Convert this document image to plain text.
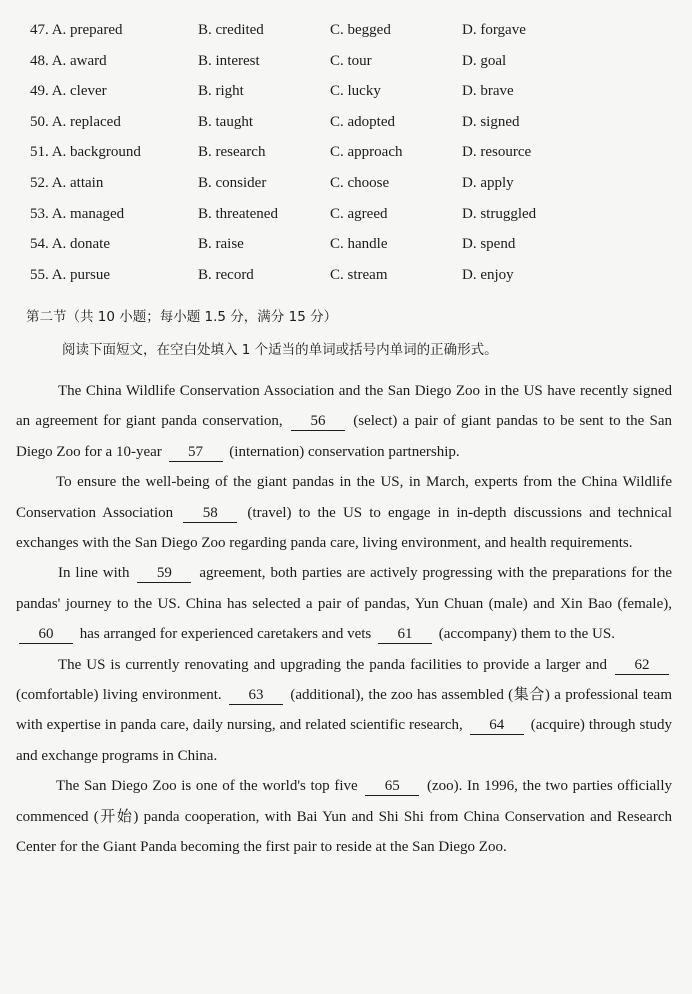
47. A. prepared	B. credited	C. begged	D. forgave
48. A. award	B. interest	C. tour	D. goal
49. A. clever	B. right	C. lucky	D. brave
50. A. replaced	B. taught	C. adopted	D. signed
51. A. background	B. research	C. approach	D. resource
52. A. attain	B. consider	C. choose	D. apply
53. A. managed	B. threatened	C. agreed	D. struggled
54. A. donate	B. raise	C. handle	D. spend
55. A. pursue	B. record	C. stream	D. enjoy
第二节（共 10 小题；每小题 1.5 分，满分 15 分）
阅读下面短文，在空白处填入 1 个适当的单词或括号内单词的正确形式。

The China Wildlife Conservation Association and the San Diego Zoo in the US have recently signed an agreement for giant panda conservation, 56 (select) a pair of giant pandas to be sent to the San Diego Zoo for a 10-year 57 (internation) conservation partnership.

To ensure the well-being of the giant pandas in the US, in March, experts from the China Wildlife Conservation Association 58 (travel) to the US to engage in in-depth discussions and technical exchanges with the San Diego Zoo regarding panda care, living environment, and health requirements.

In line with 59 agreement, both parties are actively progressing with the preparations for the pandas' journey to the US. China has selected a pair of pandas, Yun Chuan (male) and Xin Bao (female), 60 has arranged for experienced caretakers and vets 61 (accompany) them to the US.

The US is currently renovating and upgrading the panda facilities to provide a larger and 62 (comfortable) living environment. 63 (additional), the zoo has assembled (集合) a professional team with expertise in panda care, daily nursing, and related scientific research, 64 (acquire) through study and exchange programs in China.

The San Diego Zoo is one of the world's top five 65 (zoo). In 1996, the two parties officially commenced (开始) panda cooperation, with Bai Yun and Shi Shi from China Conservation and Research Center for the Giant Panda becoming the first pair to reside at the San Diego Zoo.
